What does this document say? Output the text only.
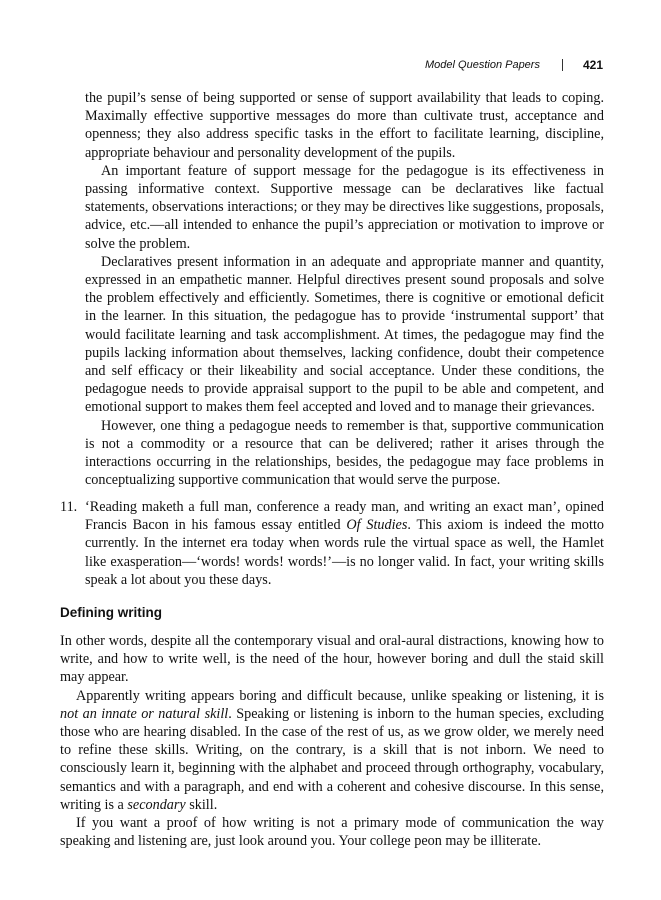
Model Question Papers	421

the pupil’s sense of being supported or sense of support availability that leads to coping. Maximally effective supportive messages do more than cultivate trust, acceptance and openness; they also address specific tasks in the effort to facilitate learning, discipline, appropriate behaviour and personality development of the pupils.

An important feature of support message for the pedagogue is its effectiveness in passing informative context. Supportive message can be declaratives like factual statements, observations interactions; or they may be directives like suggestions, proposals, advice, etc.—all intended to enhance the pupil’s appreciation or motivation to improve or solve the problem.

Declaratives present information in an adequate and appropriate manner and quantity, expressed in an empathetic manner. Helpful directives present sound proposals and solve the problem effectively and efficiently. Sometimes, there is cognitive or emotional deficit in the learner. In this situation, the pedagogue has to provide ‘instrumental support’ that would facilitate learning and task accomplishment. At times, the pedagogue may find the pupils lacking information about themselves, lacking confidence, doubt their competence and self efficacy or their likeability and social acceptance. Under these conditions, the pedagogue needs to provide appraisal support to the pupil to be able and competent, and emotional support to makes them feel accepted and loved and to manage their grievances.

However, one thing a pedagogue needs to remember is that, supportive communication is not a commodity or a resource that can be delivered; rather it arises through the interactions occurring in the relationships, besides, the pedagogue may face problems in conceptualizing supportive communication that would serve the purpose.

11. ‘Reading maketh a full man, conference a ready man, and writing an exact man’, opined Francis Bacon in his famous essay entitled Of Studies. This axiom is indeed the motto currently. In the internet era today when words rule the virtual space as well, the Hamlet like exasperation—‘words! words! words!’—is no longer valid. In fact, your writing skills speak a lot about you these days.

Defining writing

In other words, despite all the contemporary visual and oral-aural distractions, knowing how to write, and how to write well, is the need of the hour, however boring and dull the staid skill may appear.

Apparently writing appears boring and difficult because, unlike speaking or listening, it is not an innate or natural skill. Speaking or listening is inborn to the human species, excluding those who are hearing disabled. In the case of the rest of us, as we grow older, we merely need to refine these skills. Writing, on the contrary, is a skill that is not inborn. We need to consciously learn it, beginning with the alphabet and proceed through orthography, vocabulary, semantics and with a paragraph, and end with a coherent and cohesive discourse. In this sense, writing is a secondary skill.

If you want a proof of how writing is not a primary mode of communication the way speaking and listening are, just look around you. Your college peon may be illiterate.
